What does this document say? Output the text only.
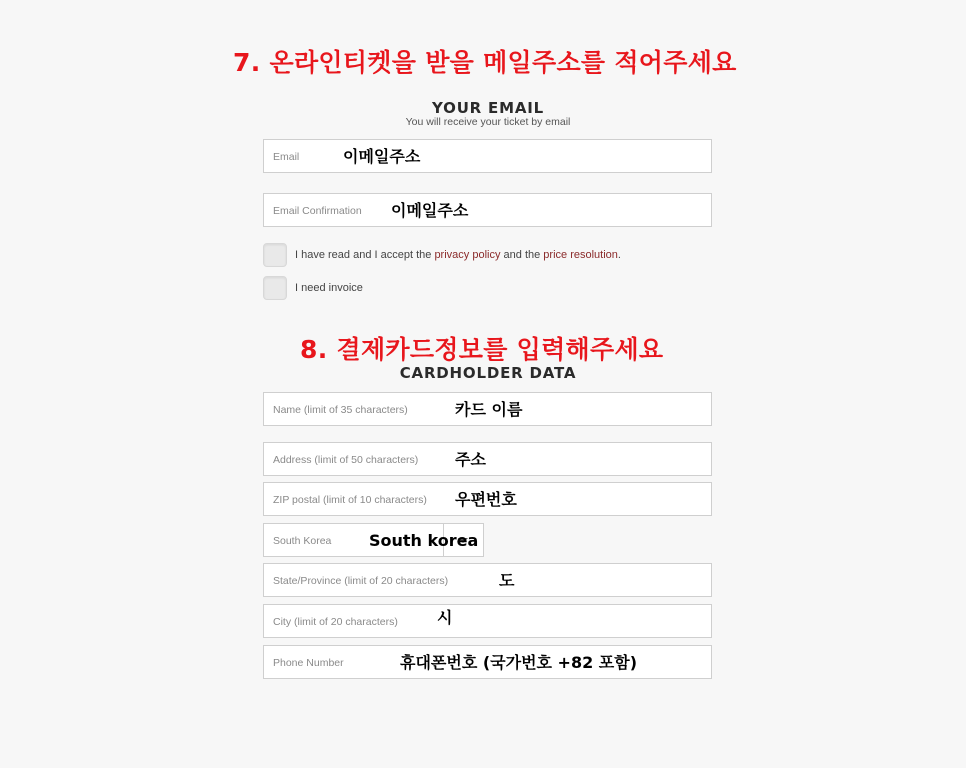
7. 온라인티켓을 받을 메일주소를 적어주세요
8. 결제카드정보를 입력해주세요
YOUR EMAIL
You will receive your ticket by email
Email	이메일주소
Email Confirmation 이메일주소
I have read and I accept the privacy policy and the price resolution.
I need invoice
CARDHOLDER DATA
Name (limit of 35 characters)	카드 이름
Address (limit of 50 characters) 주소
ZIP postal (limit of 10 characters) 우편번호
South Korea South korea
State/Province (limit of 20 characters)	도
City (limit of 20 characters) 시
Phone Number	휴대폰번호 (국가번호 +82 포함)
